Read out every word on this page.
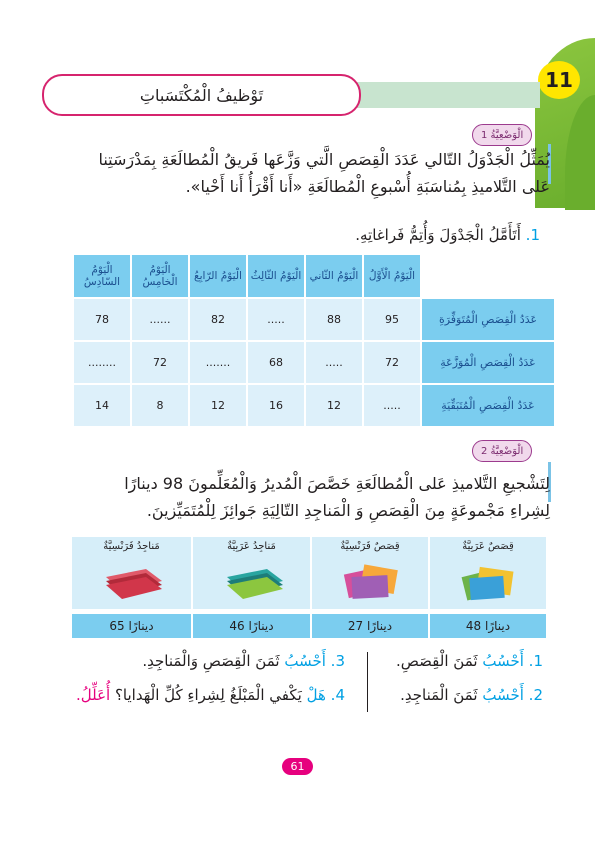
11
تَوْظيفُ الْمُكْتَسَباتِ
الْوَضْعِيَّةُ 1
يُمَثِّلُ الْجَدْوَلُ التّالي عَدَدَ الْقِصَصِ الَّتي وَزَّعَها فَريقُ الْمُطالَعَةِ بِمَدْرَسَتِنا
عَلى التَّلاميذِ بِمُناسَبَةِ أُسْبوعِ الْمُطالَعَةِ «أَنا أَقْرَأُ أَنا أَحْيا».
1. أَتَأَمَّلُ الْجَدْوَلَ وَأُتِمُّ فَراغاتِهِ.
	الْيَوْمُ الْأَوَّلُ	الْيَوْمُ الثّاني	الْيَوْمُ الثّالِثُ	الْيَوْمُ الرّابِعُ	الْيَوْمُ الْخامِسُ	الْيَوْمُ السّادِسُ
عَدَدُ الْقِصَصِ الْمُتَوَفِّرَةِ	95	88	.....	82	......	78
عَدَدُ الْقِصَصِ الْمُوَزَّعَةِ	72	.....	68	.......	72	........
عَدَدُ الْقِصَصِ الْمُتَبَقِّيَةِ	.....	12	16	12	8	14
الْوَضْعِيَّةُ 2
لِتَشْجيعِ التَّلاميذِ عَلى الْمُطالَعَةِ خَصَّصَ الْمُديرُ وَالْمُعَلِّمونَ 98 دينارًا
لِشِراءِ مَجْموعَةٍ مِنَ الْقِصَصِ وَ الْمَناجِدِ التّالِيَةِ جَوائِزَ لِلْمُتَمَيِّزينَ.
قِصَصٌ عَرَبِيَّةٌ
قِصَصٌ فَرَنْسِيَّةٌ
مَناجِدُ عَرَبِيَّةٌ
مَناجِدُ فَرَنْسِيَّةٌ
48 دينارًا
27 دينارًا
46 دينارًا
65 دينارًا
1. أَحْسُبُ ثَمَنَ الْقِصَصِ.
2. أَحْسُبُ ثَمَنَ الْمَناجِدِ.
3. أَحْسُبُ ثَمَنَ الْقِصَصِ وَالْمَناجِدِ.
4. هَلْ يَكْفي الْمَبْلَغُ لِشِراءِ كُلِّ الْهَدايا؟ أُعَلِّلُ.
61
